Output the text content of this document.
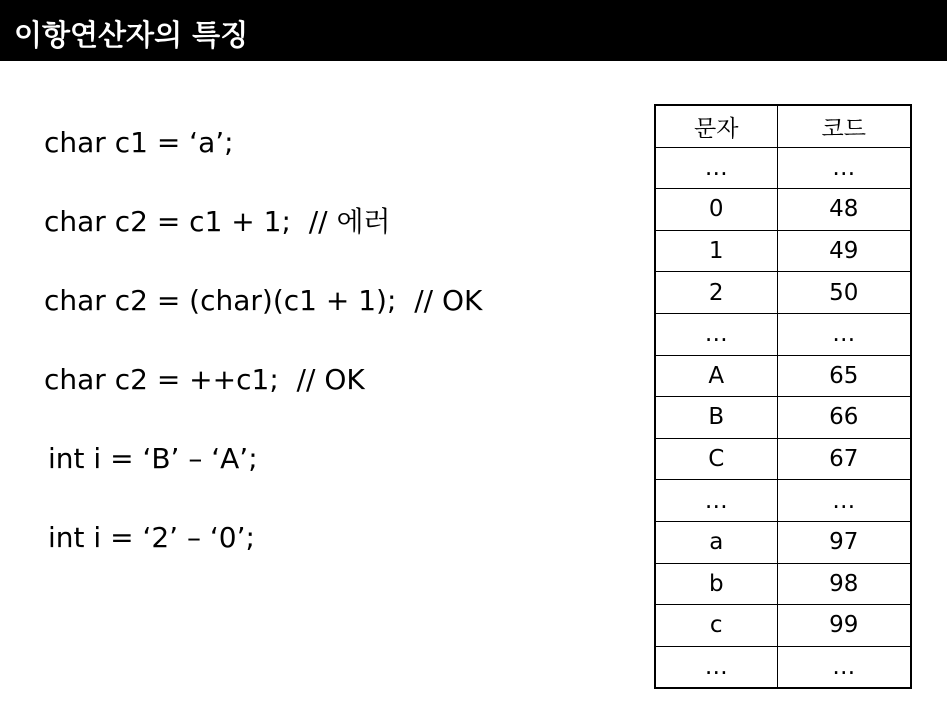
이항연산자의 특징
char c1 = ‘a’;
char c2 = c1 + 1;  // 에러
char c2 = (char)(c1 + 1);  // OK
char c2 = ++c1;  // OK
int i = ‘B’ – ‘A’;
int i = ‘2’ – ‘0’;
문자	코드
…	…
0	48
1	49
2	50
…	…
A	65
B	66
C	67
…	…
a	97
b	98
c	99
…	…
